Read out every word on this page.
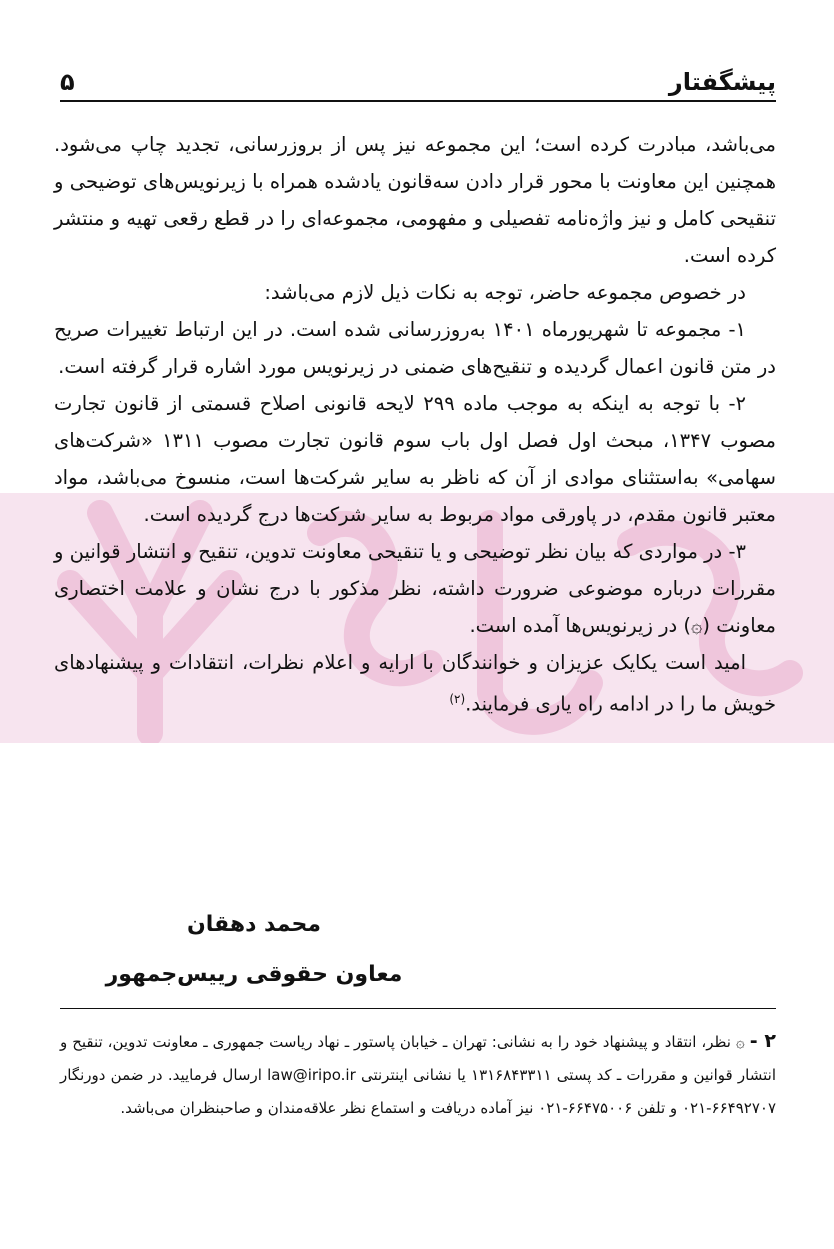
پیشگفتار
۵

می‌باشد، مبادرت کرده است؛ این مجموعه نیز پس از بروزرسانی، تجدید چاپ می‌شود. همچنین این معاونت با محور قرار دادن سه‌قانون یادشده همراه با زیرنویس‌های توضیحی و تنقیحی کامل و نیز واژه‌نامه تفصیلی و مفهومی، مجموعه‌ای را در قطع رقعی تهیه و منتشر کرده است.

در خصوص مجموعه حاضر، توجه به نکات ذیل لازم می‌باشد:

۱- مجموعه تا شهریورماه ۱۴۰۱ به‌روزرسانی شده است. در این ارتباط تغییرات صریح در متن قانون اعمال گردیده و تنقیح‌های ضمنی در زیرنویس مورد اشاره قرار گرفته است.

۲- با توجه به اینکه به موجب ماده ۲۹۹ لایحه قانونی اصلاح قسمتی از قانون تجارت مصوب ۱۳۴۷، مبحث اول فصل اول باب سوم قانون تجارت مصوب ۱۳۱۱ «شرکت‌های سهامی» به‌استثنای موادی از آن که ناظر به سایر شرکت‌ها است، منسوخ می‌باشد، مواد معتبر قانون مقدم، در پاورقی مواد مربوط به سایر شرکت‌ها درج گردیده است.

۳- در مواردی که بیان نظر توضیحی و یا تنقیحی معاونت تدوین، تنقیح و انتشار قوانین و مقررات درباره موضوعی ضرورت داشته، نظر مذکور با درج نشان و علامت اختصاری معاونت (۞) در زیرنویس‌ها آمده است.

امید است یکایک عزیزان و خوانندگان با ارایه و اعلام نظرات، انتقادات و پیشنهادهای خویش ما را در ادامه راه یاری فرمایند.$^{(۲)}$

محمد دهقان
معاون حقوقی رییس‌جمهور
۲ - ۞ نظر، انتقاد و پیشنهاد خود را به نشانی: تهران ـ خیابان پاستور ـ نهاد ریاست جمهوری ـ معاونت تدوین، تنقیح و انتشار قوانین و مقررات ـ کد پستی ۱۳۱۶۸۴۳۳۱۱ یا نشانی اینترنتی law@iripo.ir ارسال فرمایید. در ضمن دورنگار ۶۶۴۹۲۷۰۷-۰۲۱ و تلفن ۶۶۴۷۵۰۰۶-۰۲۱ نیز آماده دریافت و استماع نظر علاقه‌مندان و صاحبنظران می‌باشد.
